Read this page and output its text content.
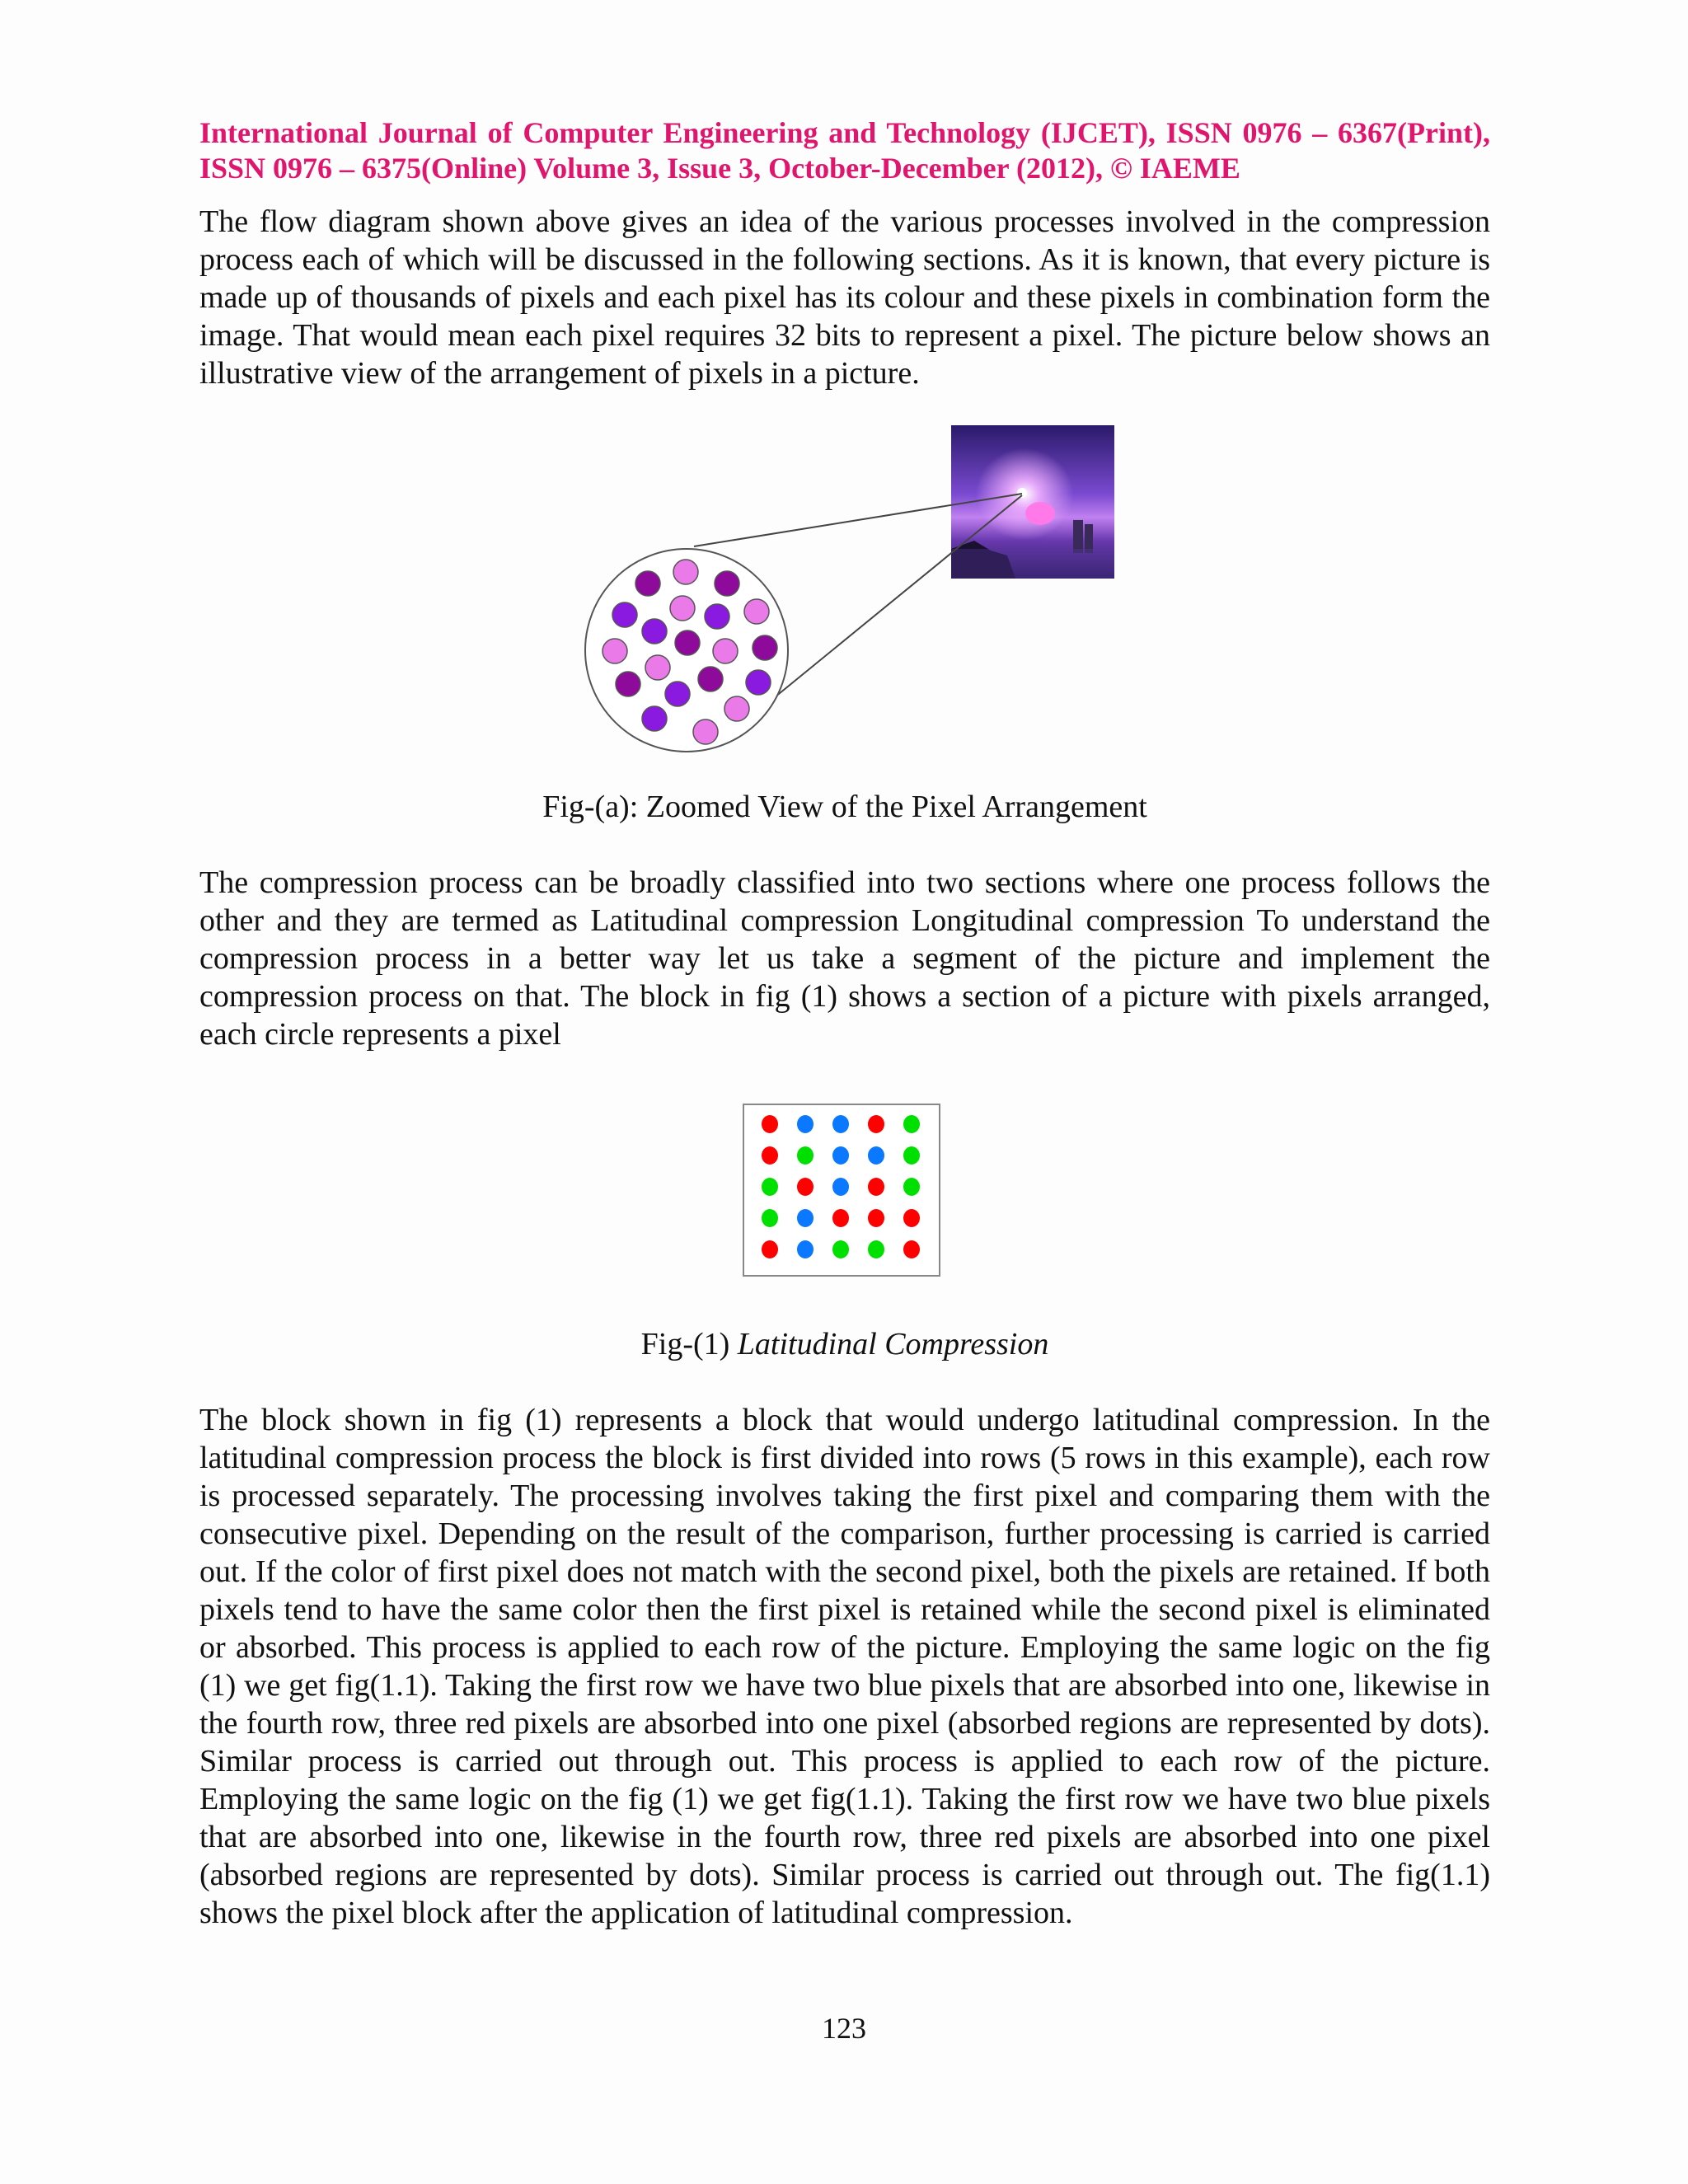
International Journal of Computer Engineering and Technology (IJCET), ISSN 0976 – 6367(Print), ISSN 0976 – 6375(Online) Volume 3, Issue 3, October-December (2012), © IAEME

The flow diagram shown above gives an idea of the various processes involved in the compression process each of which will be discussed in the following sections. As it is known, that every picture is made up of thousands of pixels and each pixel has its colour and these pixels in combination form the image. That would mean each pixel requires 32 bits to represent a pixel. The picture below shows an illustrative view of the arrangement of pixels in a picture.

Fig-(a): Zoomed View of the Pixel Arrangement

The compression process can be broadly classified into two sections where one process follows the other and they are termed as Latitudinal compression Longitudinal compression To understand the compression process in a better way let us take a segment of the picture and implement the compression process on that. The block in fig (1) shows a section of a picture with pixels arranged, each circle represents a pixel

Fig-(1) Latitudinal Compression

The block shown in fig (1) represents a block that would undergo latitudinal compression. In the latitudinal compression process the block is first divided into rows (5 rows in this example), each row is processed separately. The processing involves taking the first pixel and comparing them with the consecutive pixel. Depending on the result of the comparison, further processing is carried is carried out. If the color of first pixel does not match with the second pixel, both the pixels are retained. If both pixels tend to have the same color then the first pixel is retained while the second pixel is eliminated or absorbed. This process is applied to each row of the picture. Employing the same logic on the fig (1) we get fig(1.1). Taking the first row we have two blue pixels that are absorbed into one, likewise in the fourth row, three red pixels are absorbed into one pixel (absorbed regions are represented by dots). Similar process is carried out through out. This process is applied to each row of the picture. Employing the same logic on the fig (1) we get fig(1.1). Taking the first row we have two blue pixels that are absorbed into one, likewise in the fourth row, three red pixels are absorbed into one pixel (absorbed regions are represented by dots). Similar process is carried out through out. The fig(1.1) shows the pixel block after the application of latitudinal compression.

123
